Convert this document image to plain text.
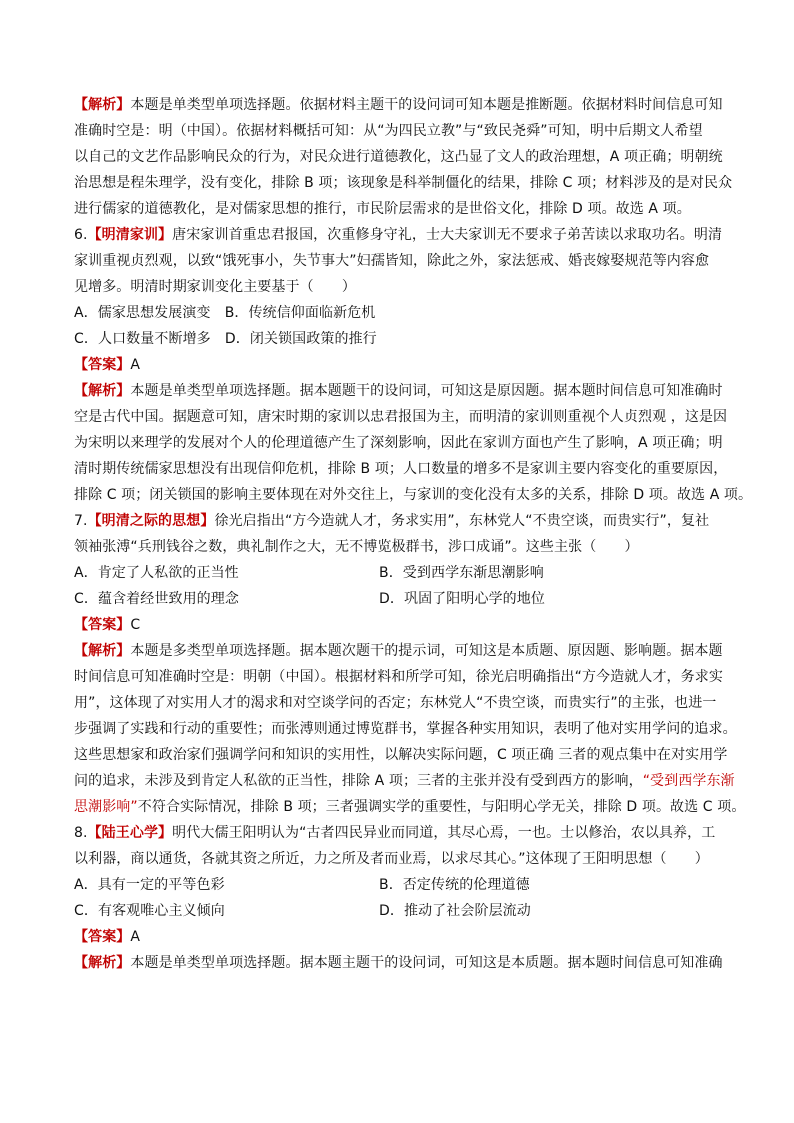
【解析】本题是单类型单项选择题。依据材料主题干的设问词可知本题是推断题。依据材料时间信息可知
准确时空是：明（中国）。依据材料概括可知：从“为四民立教”与“致民尧舜”可知，明中后期文人希望
以自己的文艺作品影响民众的行为，对民众进行道德教化，这凸显了文人的政治理想，A 项正确；明朝统
治思想是程朱理学，没有变化，排除 B 项；该现象是科举制僵化的结果，排除 C 项；材料涉及的是对民众
进行儒家的道德教化，是对儒家思想的推行，市民阶层需求的是世俗文化，排除 D 项。故选 A 项。
6.【明清家训】唐宋家训首重忠君报国，次重修身守礼，士大夫家训无不要求子弟苦读以求取功名。明清
家训重视贞烈观，以致“饿死事小，失节事大”妇孺皆知，除此之外，家法惩戒、婚丧嫁娶规范等内容愈
见增多。明清时期家训变化主要基于（　　）
A．儒家思想发展演变　 B．传统信仰面临新危机
C．人口数量不断增多　 D．闭关锁国政策的推行
【答案】A
【解析】本题是单类型单项选择题。据本题题干的设问词，可知这是原因题。据本题时间信息可知准确时
空是古代中国。据题意可知，唐宋时期的家训以忠君报国为主，而明清的家训则重视个人贞烈观 ，这是因
为宋明以来理学的发展对个人的伦理道德产生了深刻影响，因此在家训方面也产生了影响，A 项正确；明
清时期传统儒家思想没有出现信仰危机，排除 B 项；人口数量的增多不是家训主要内容变化的重要原因，
排除 C 项；闭关锁国的影响主要体现在对外交往上，与家训的变化没有太多的关系，排除 D 项。故选 A 项。
7.【明清之际的思想】徐光启指出“方今造就人才，务求实用”，东林党人“不贵空谈，而贵实行”，复社
领袖张溥“兵刑钱谷之数，典礼制作之大，无不博览极群书，涉口成诵”。这些主张（　　）
A．肯定了人私欲的正当性	B．受到西学东渐思潮影响
C．蕴含着经世致用的理念	D．巩固了阳明心学的地位
【答案】C
【解析】本题是多类型单项选择题。据本题次题干的提示词，可知这是本质题、原因题、影响题。据本题
时间信息可知准确时空是：明朝（中国）。根据材料和所学可知，徐光启明确指出“方今造就人才，务求实
用”，这体现了对实用人才的渴求和对空谈学问的否定；东林党人“不贵空谈，而贵实行”的主张，也进一
步强调了实践和行动的重要性；而张溥则通过博览群书，掌握各种实用知识，表明了他对实用学问的追求。
这些思想家和政治家们强调学问和知识的实用性，以解决实际问题，C 项正确 三者的观点集中在对实用学
问的追求，未涉及到肯定人私欲的正当性，排除 A 项；三者的主张并没有受到西方的影响，“受到西学东渐
思潮影响”不符合实际情况，排除 B 项；三者强调实学的重要性，与阳明心学无关，排除 D 项。故选 C 项。
8.【陆王心学】明代大儒王阳明认为“古者四民异业而同道，其尽心焉，一也。士以修治，农以具养，工
以利器，商以通货，各就其资之所近，力之所及者而业焉，以求尽其心。”这体现了王阳明思想（　　）
A．具有一定的平等色彩	B．否定传统的伦理道德
C．有客观唯心主义倾向	D．推动了社会阶层流动
【答案】A
【解析】本题是单类型单项选择题。据本题主题干的设问词，可知这是本质题。据本题时间信息可知准确
